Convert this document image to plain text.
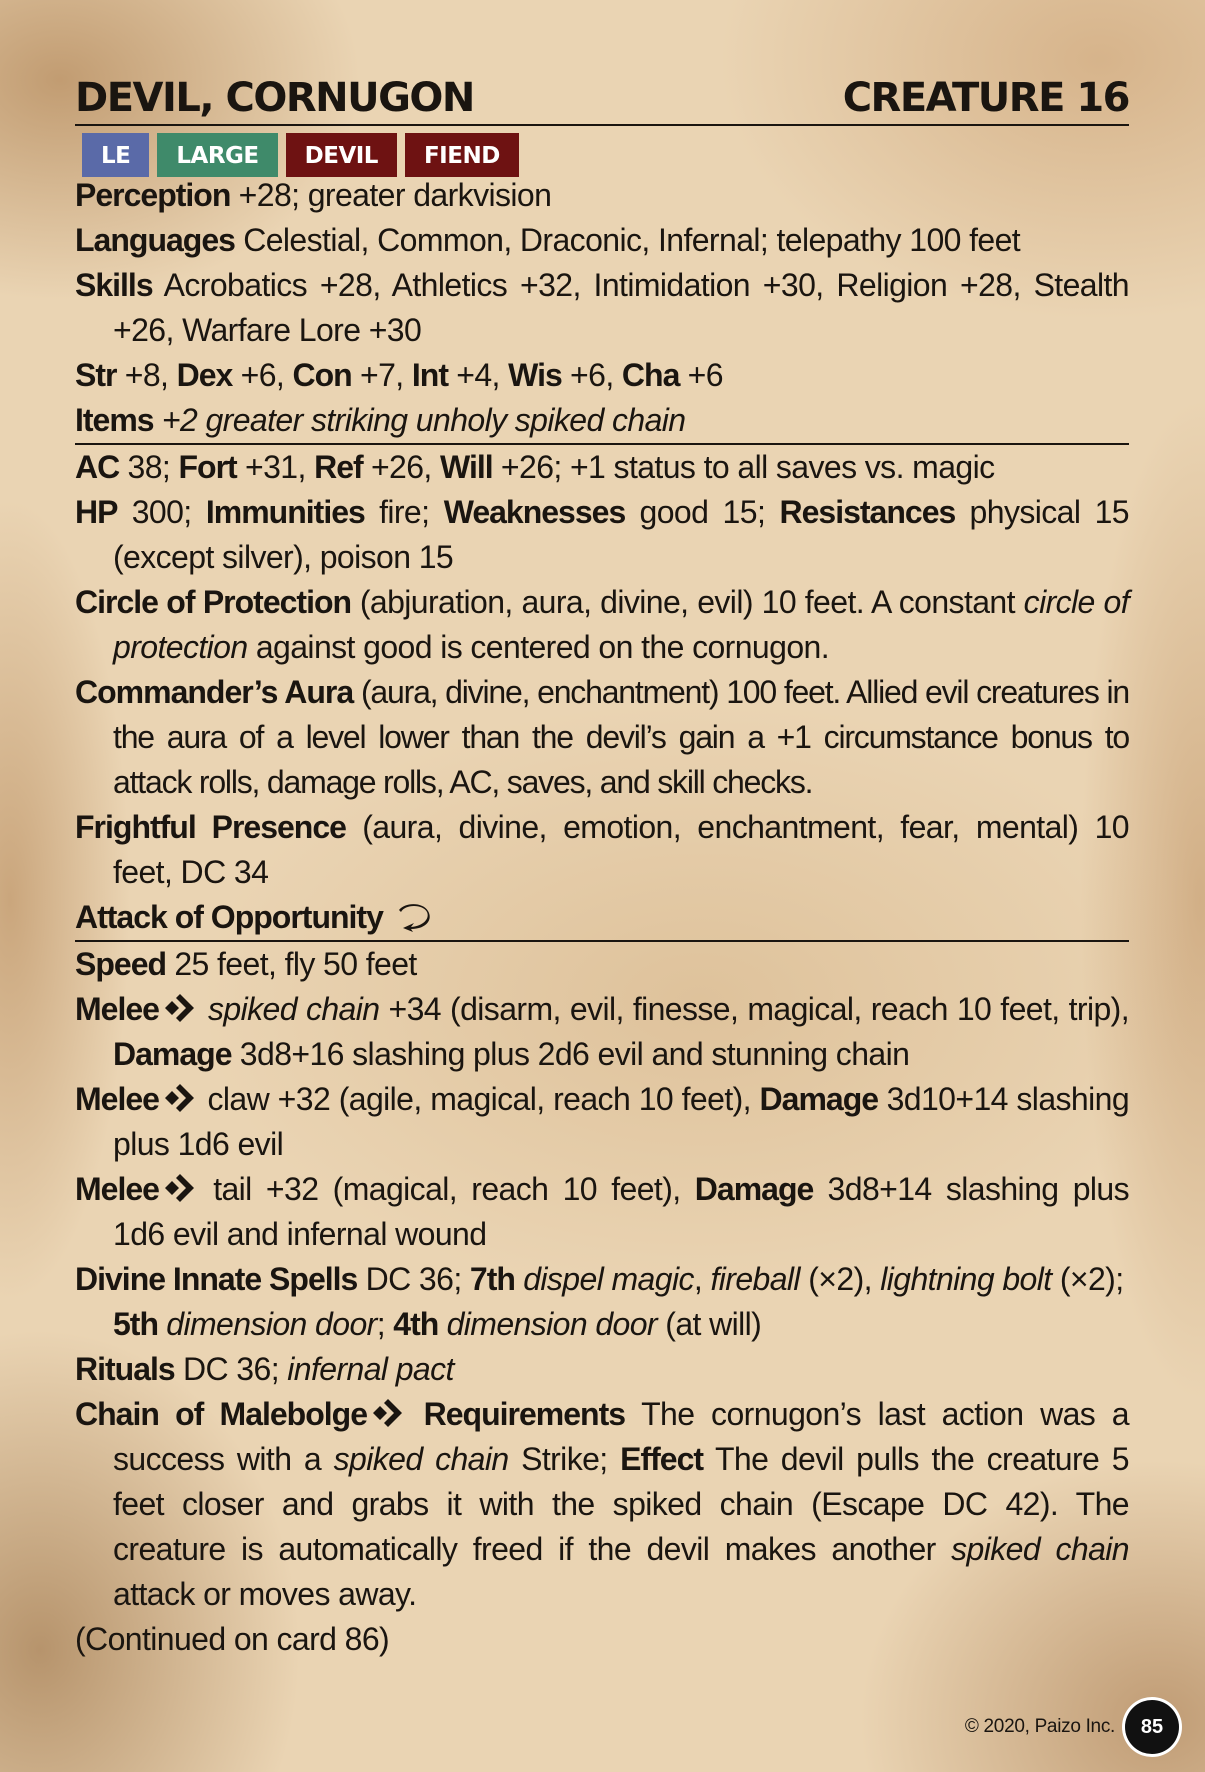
DEVIL, CORNUGON	CREATURE 16
LE	LARGE	DEVIL	FIEND
Perception +28; greater darkvision
Languages Celestial, Common, Draconic, Infernal; telepathy 100 feet
Skills Acrobatics +28, Athletics +32, Intimidation +30, Religion +28, Stealth +26, Warfare Lore +30
Str +8, Dex +6, Con +7, Int +4, Wis +6, Cha +6
Items +2 greater striking unholy spiked chain
AC 38; Fort +31, Ref +26, Will +26; +1 status to all saves vs. magic
HP 300; Immunities fire; Weaknesses good 15; Resistances physical 15 (except silver), poison 15
Circle of Protection (abjuration, aura, divine, evil) 10 feet. A constant circle of protection against good is centered on the cornugon.
Commander’s Aura (aura, divine, enchantment) 100 feet. Allied evil creatures in the aura of a level lower than the devil’s gain a +1 circumstance bonus to attack rolls, damage rolls, AC, saves, and skill checks.
Frightful Presence (aura, divine, emotion, enchantment, fear, mental) 10 feet, DC 34
Attack of Opportunity
Speed 25 feet, fly 50 feet
Melee spiked chain +34 (disarm, evil, finesse, magical, reach 10 feet, trip), Damage 3d8+16 slashing plus 2d6 evil and stunning chain
Melee claw +32 (agile, magical, reach 10 feet), Damage 3d10+14 slashing plus 1d6 evil
Melee tail +32 (magical, reach 10 feet), Damage 3d8+14 slashing plus 1d6 evil and infernal wound
Divine Innate Spells DC 36; 7th dispel magic, fireball (×2), lightning bolt (×2); 5th dimension door; 4th dimension door (at will)
Rituals DC 36; infernal pact
Chain of Malebolge Requirements The cornugon’s last action was a success with a spiked chain Strike; Effect The devil pulls the creature 5 feet closer and grabs it with the spiked chain (Escape DC 42). The creature is automatically freed if the devil makes another spiked chain attack or moves away.
(Continued on card 86)
© 2020, Paizo Inc.	85
